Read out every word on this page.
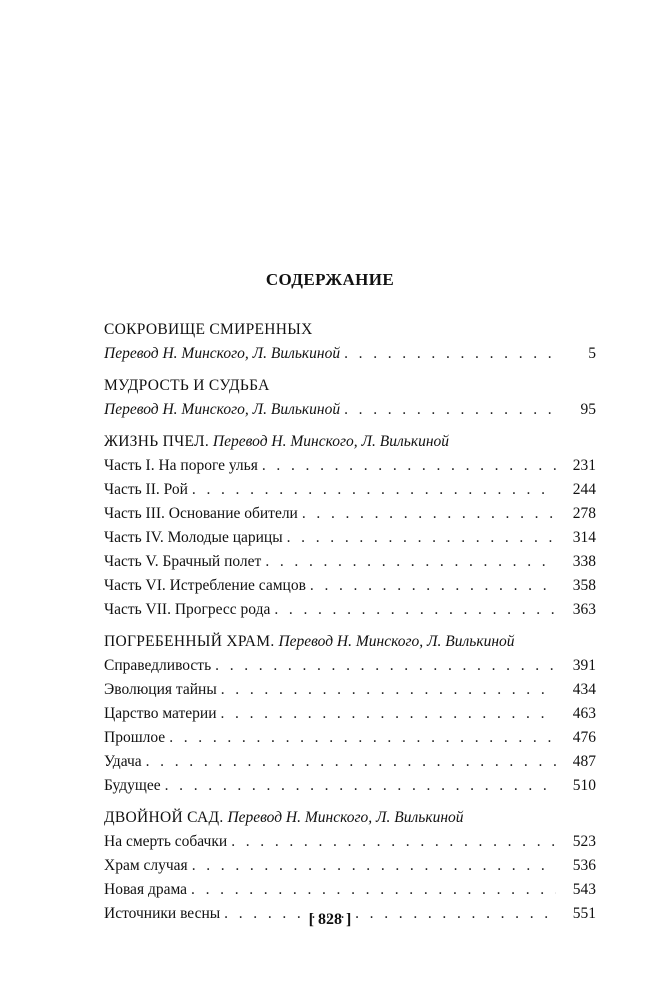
СОДЕРЖАНИЕ
СОКРОВИЩЕ СМИРЕННЫХ
Перевод Н. Минского, Л. Вилькиной . . .	5
МУДРОСТЬ И СУДЬБА
Перевод Н. Минского, Л. Вилькиной . . .	95
ЖИЗНЬ ПЧЕЛ. Перевод Н. Минского, Л. Вилькиной
Часть I. На пороге улья . . .	231
Часть II. Рой . . .	244
Часть III. Основание обители . . .	278
Часть IV. Молодые царицы . . .	314
Часть V. Брачный полет . . .	338
Часть VI. Истребление самцов . . .	358
Часть VII. Прогресс рода . . .	363
ПОГРЕБЕННЫЙ ХРАМ. Перевод Н. Минского, Л. Вилькиной
Справедливость . . .	391
Эволюция тайны . . .	434
Царство материи . . .	463
Прошлое . . .	476
Удача . . .	487
Будущее . . .	510
ДВОЙНОЙ САД. Перевод Н. Минского, Л. Вилькиной
На смерть собачки . . .	523
Храм случая . . .	536
Новая драма . . .	543
Источники весны . . .	551
[ 828 ]
